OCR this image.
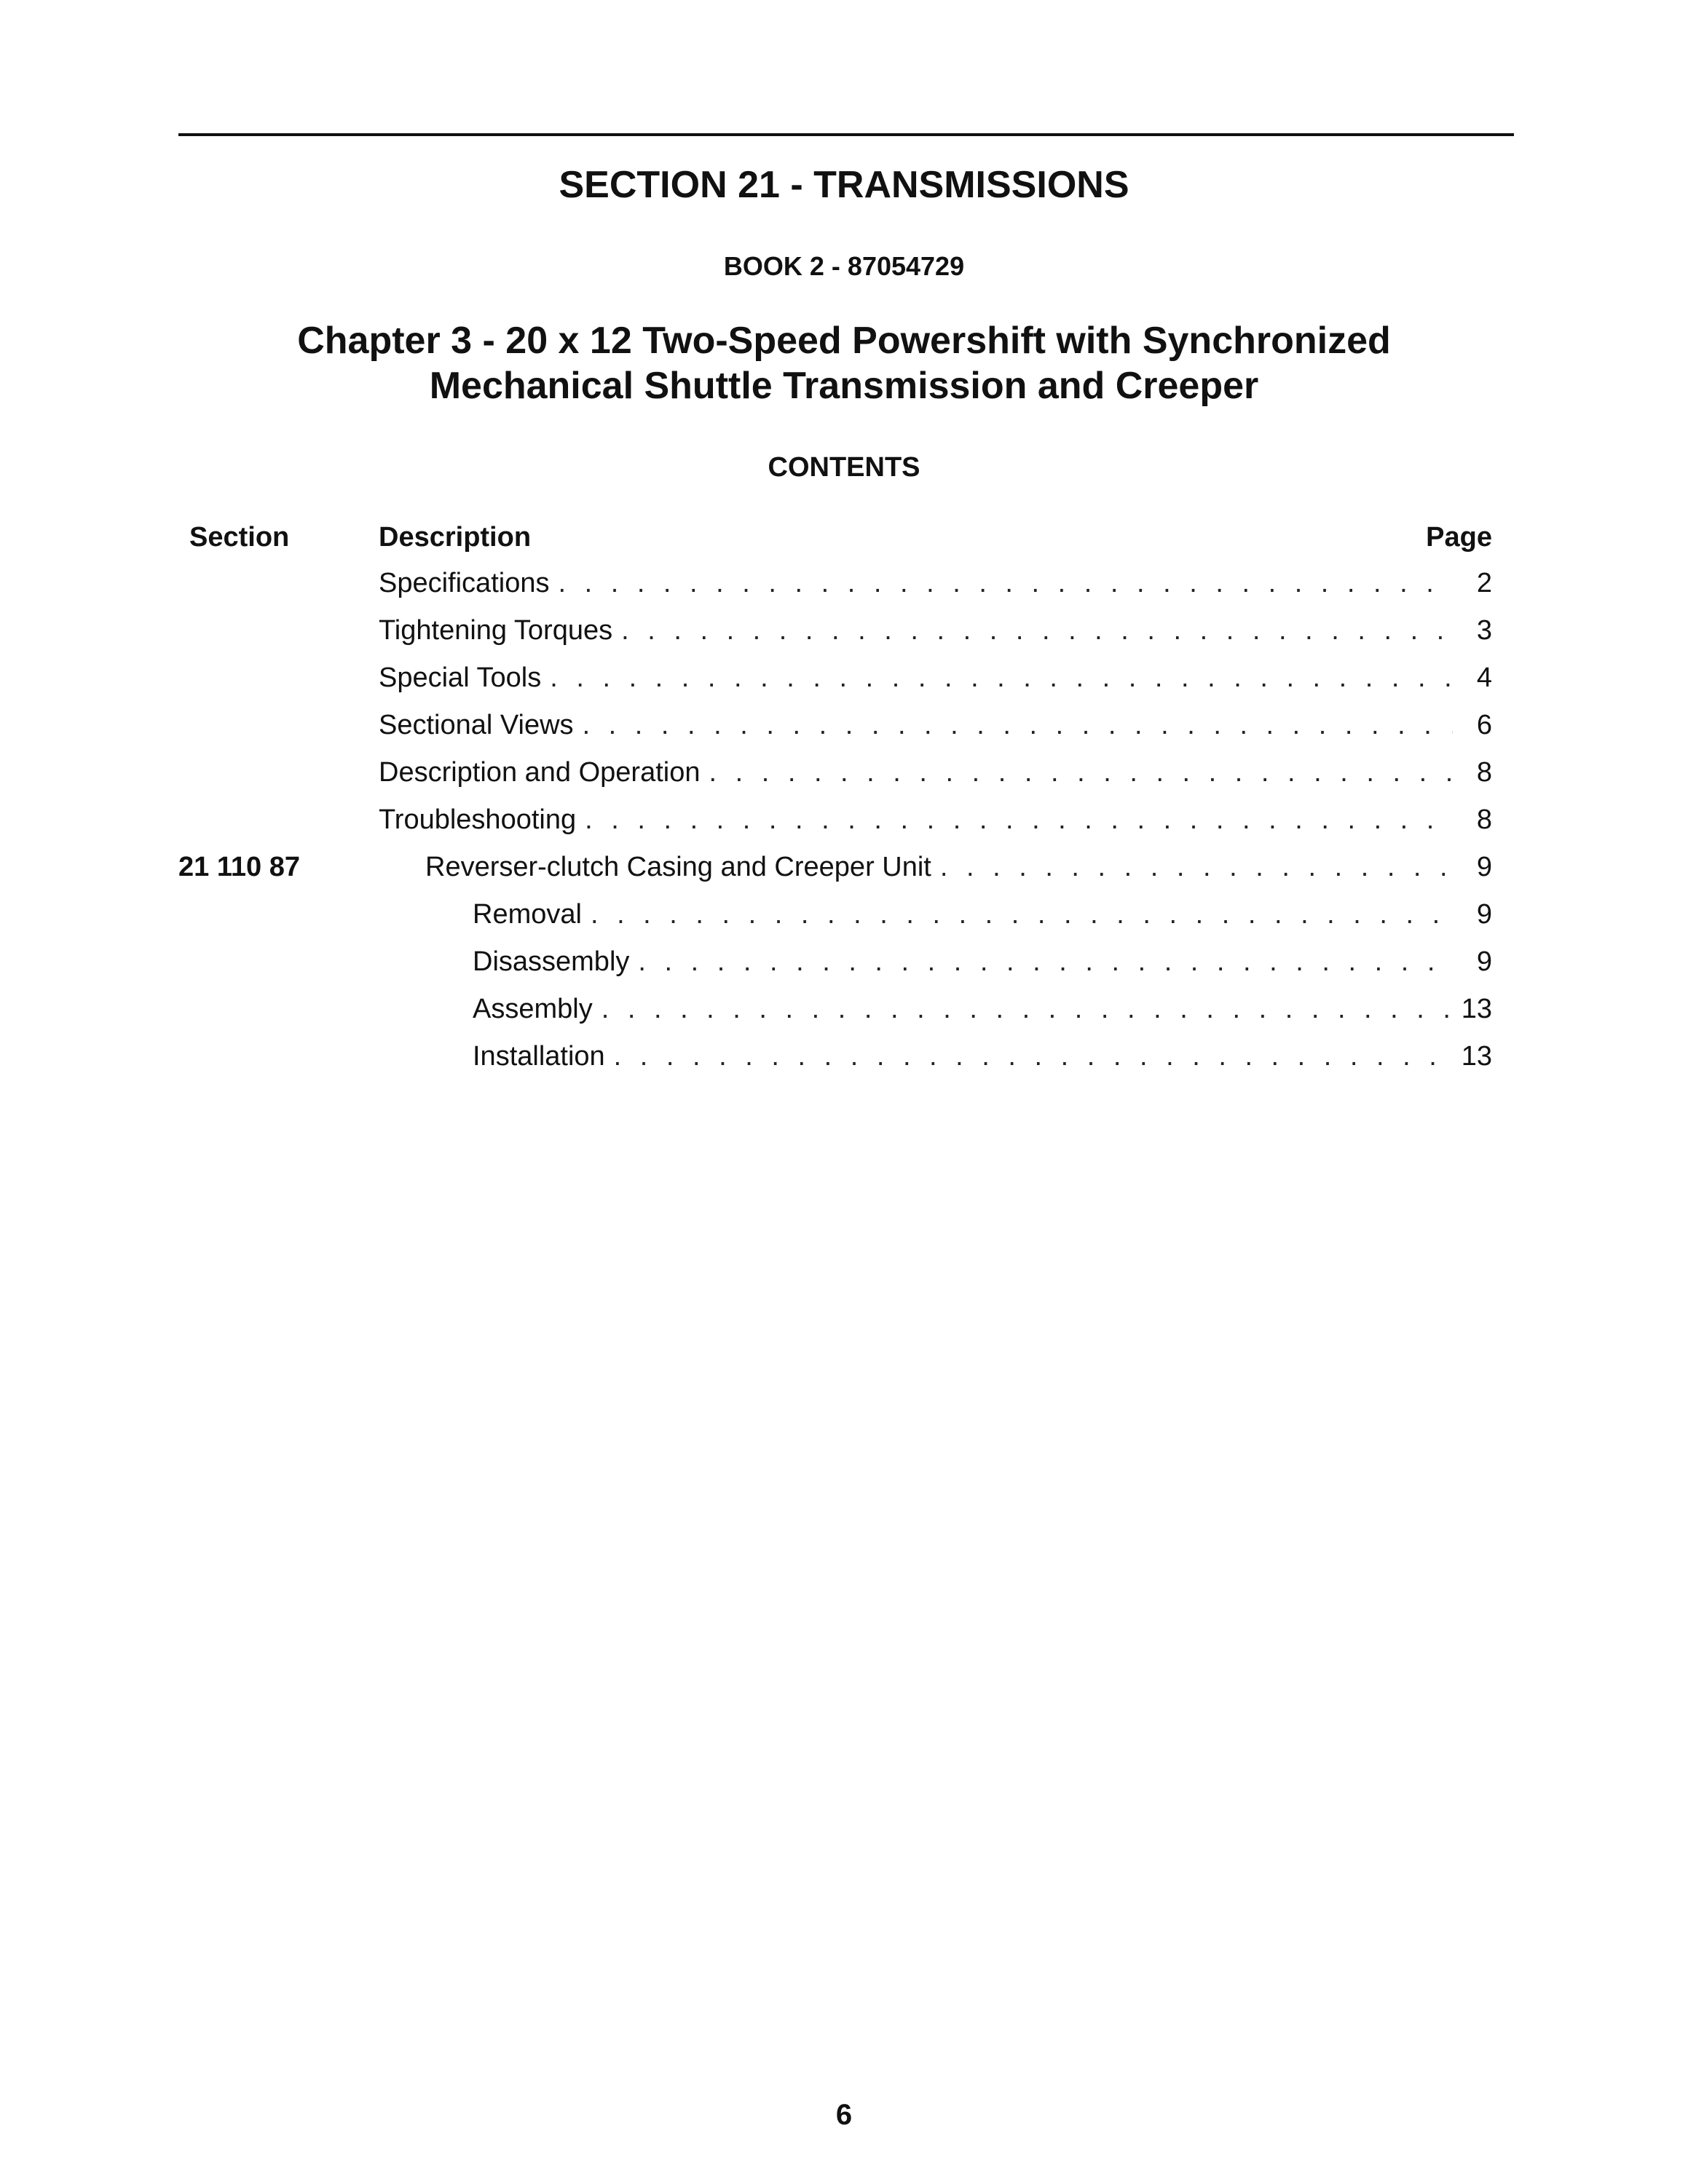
SECTION 21 - TRANSMISSIONS
BOOK 2 - 87054729
Chapter 3 - 20 x 12 Two-Speed Powershift with Synchronized
Mechanical Shuttle Transmission and Creeper
CONTENTS
Section	Description	Page
Specifications . . .	2
Tightening Torques . . .	3
Special Tools . . .	4
Sectional Views . . .	6
Description and Operation . . .	8
Troubleshooting . . .	8
21 110 87	Reverser-clutch Casing and Creeper Unit . . .	9
Removal . . .	9
Disassembly . . .	9
Assembly . . .	13
Installation . . .	13
6
